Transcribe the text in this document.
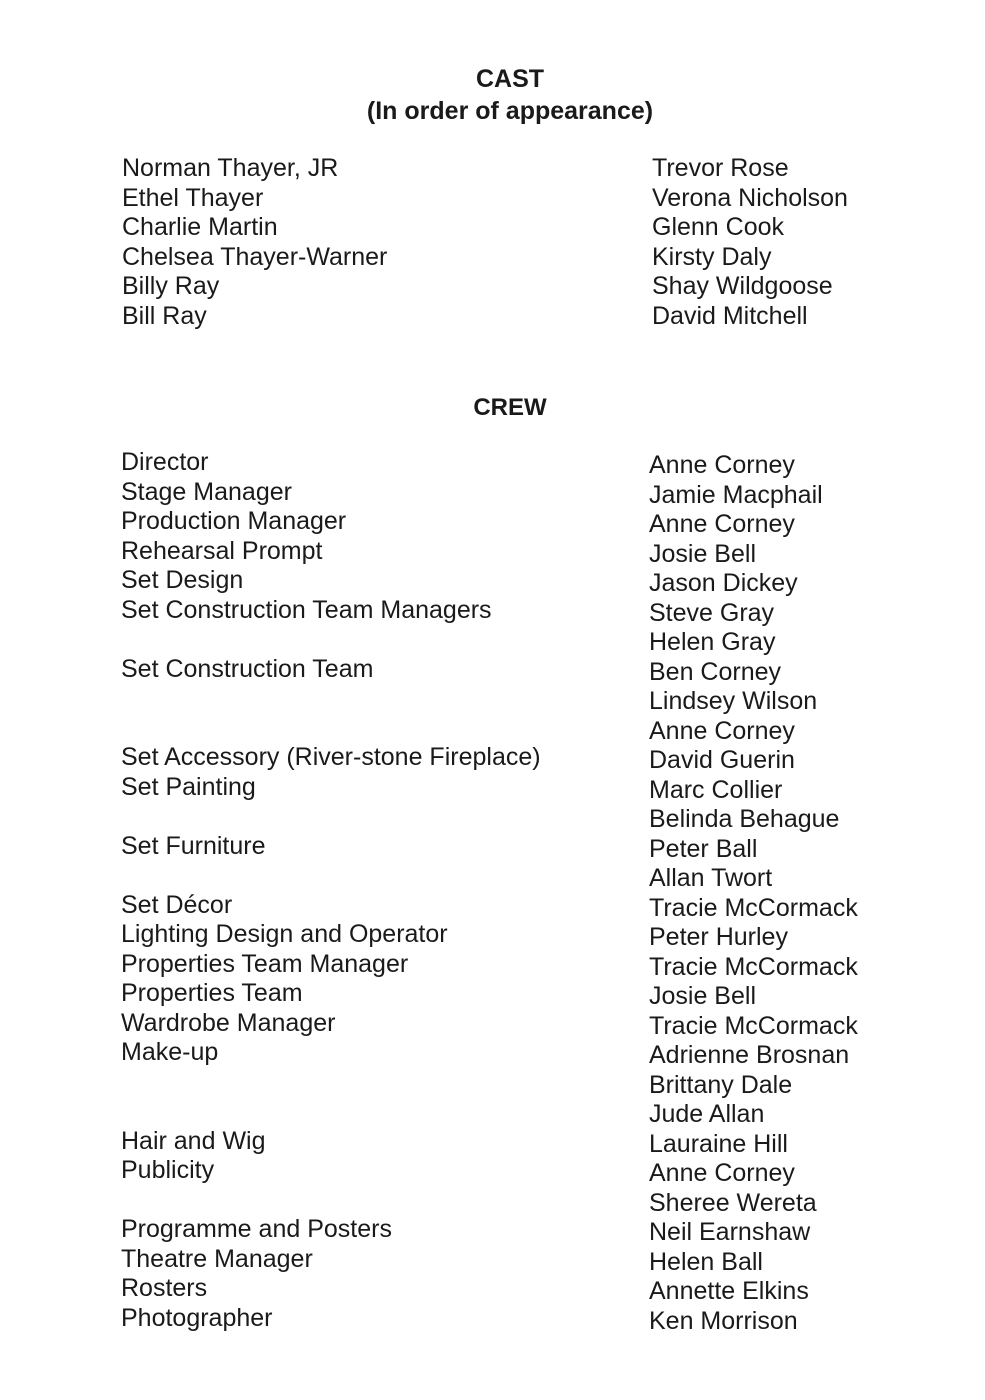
CAST
(In order of appearance)
Norman Thayer, JR
Ethel Thayer
Charlie Martin
Chelsea Thayer-Warner
Billy Ray
Bill Ray
Trevor Rose
Verona Nicholson
Glenn Cook
Kirsty Daly
Shay Wildgoose
David Mitchell
CREW
Director
Stage Manager
Production Manager
Rehearsal Prompt
Set Design
Set Construction Team Managers
Set Construction Team
Set Accessory (River-stone Fireplace)
Set Painting
Set Furniture
Set Décor
Lighting Design and Operator
Properties Team Manager
Properties Team
Wardrobe Manager
Make-up
Hair and Wig
Publicity
Programme and Posters
Theatre Manager
Rosters
Photographer
Anne Corney
Jamie Macphail
Anne Corney
Josie Bell
Jason Dickey
Steve Gray
Helen Gray
Ben Corney
Lindsey Wilson
Anne Corney
David Guerin
Marc Collier
Belinda Behague
Peter Ball
Allan Twort
Tracie McCormack
Peter Hurley
Tracie McCormack
Josie Bell
Tracie McCormack
Adrienne Brosnan
Brittany Dale
Jude Allan
Lauraine Hill
Anne Corney
Sheree Wereta
Neil Earnshaw
Helen Ball
Annette Elkins
Ken Morrison
